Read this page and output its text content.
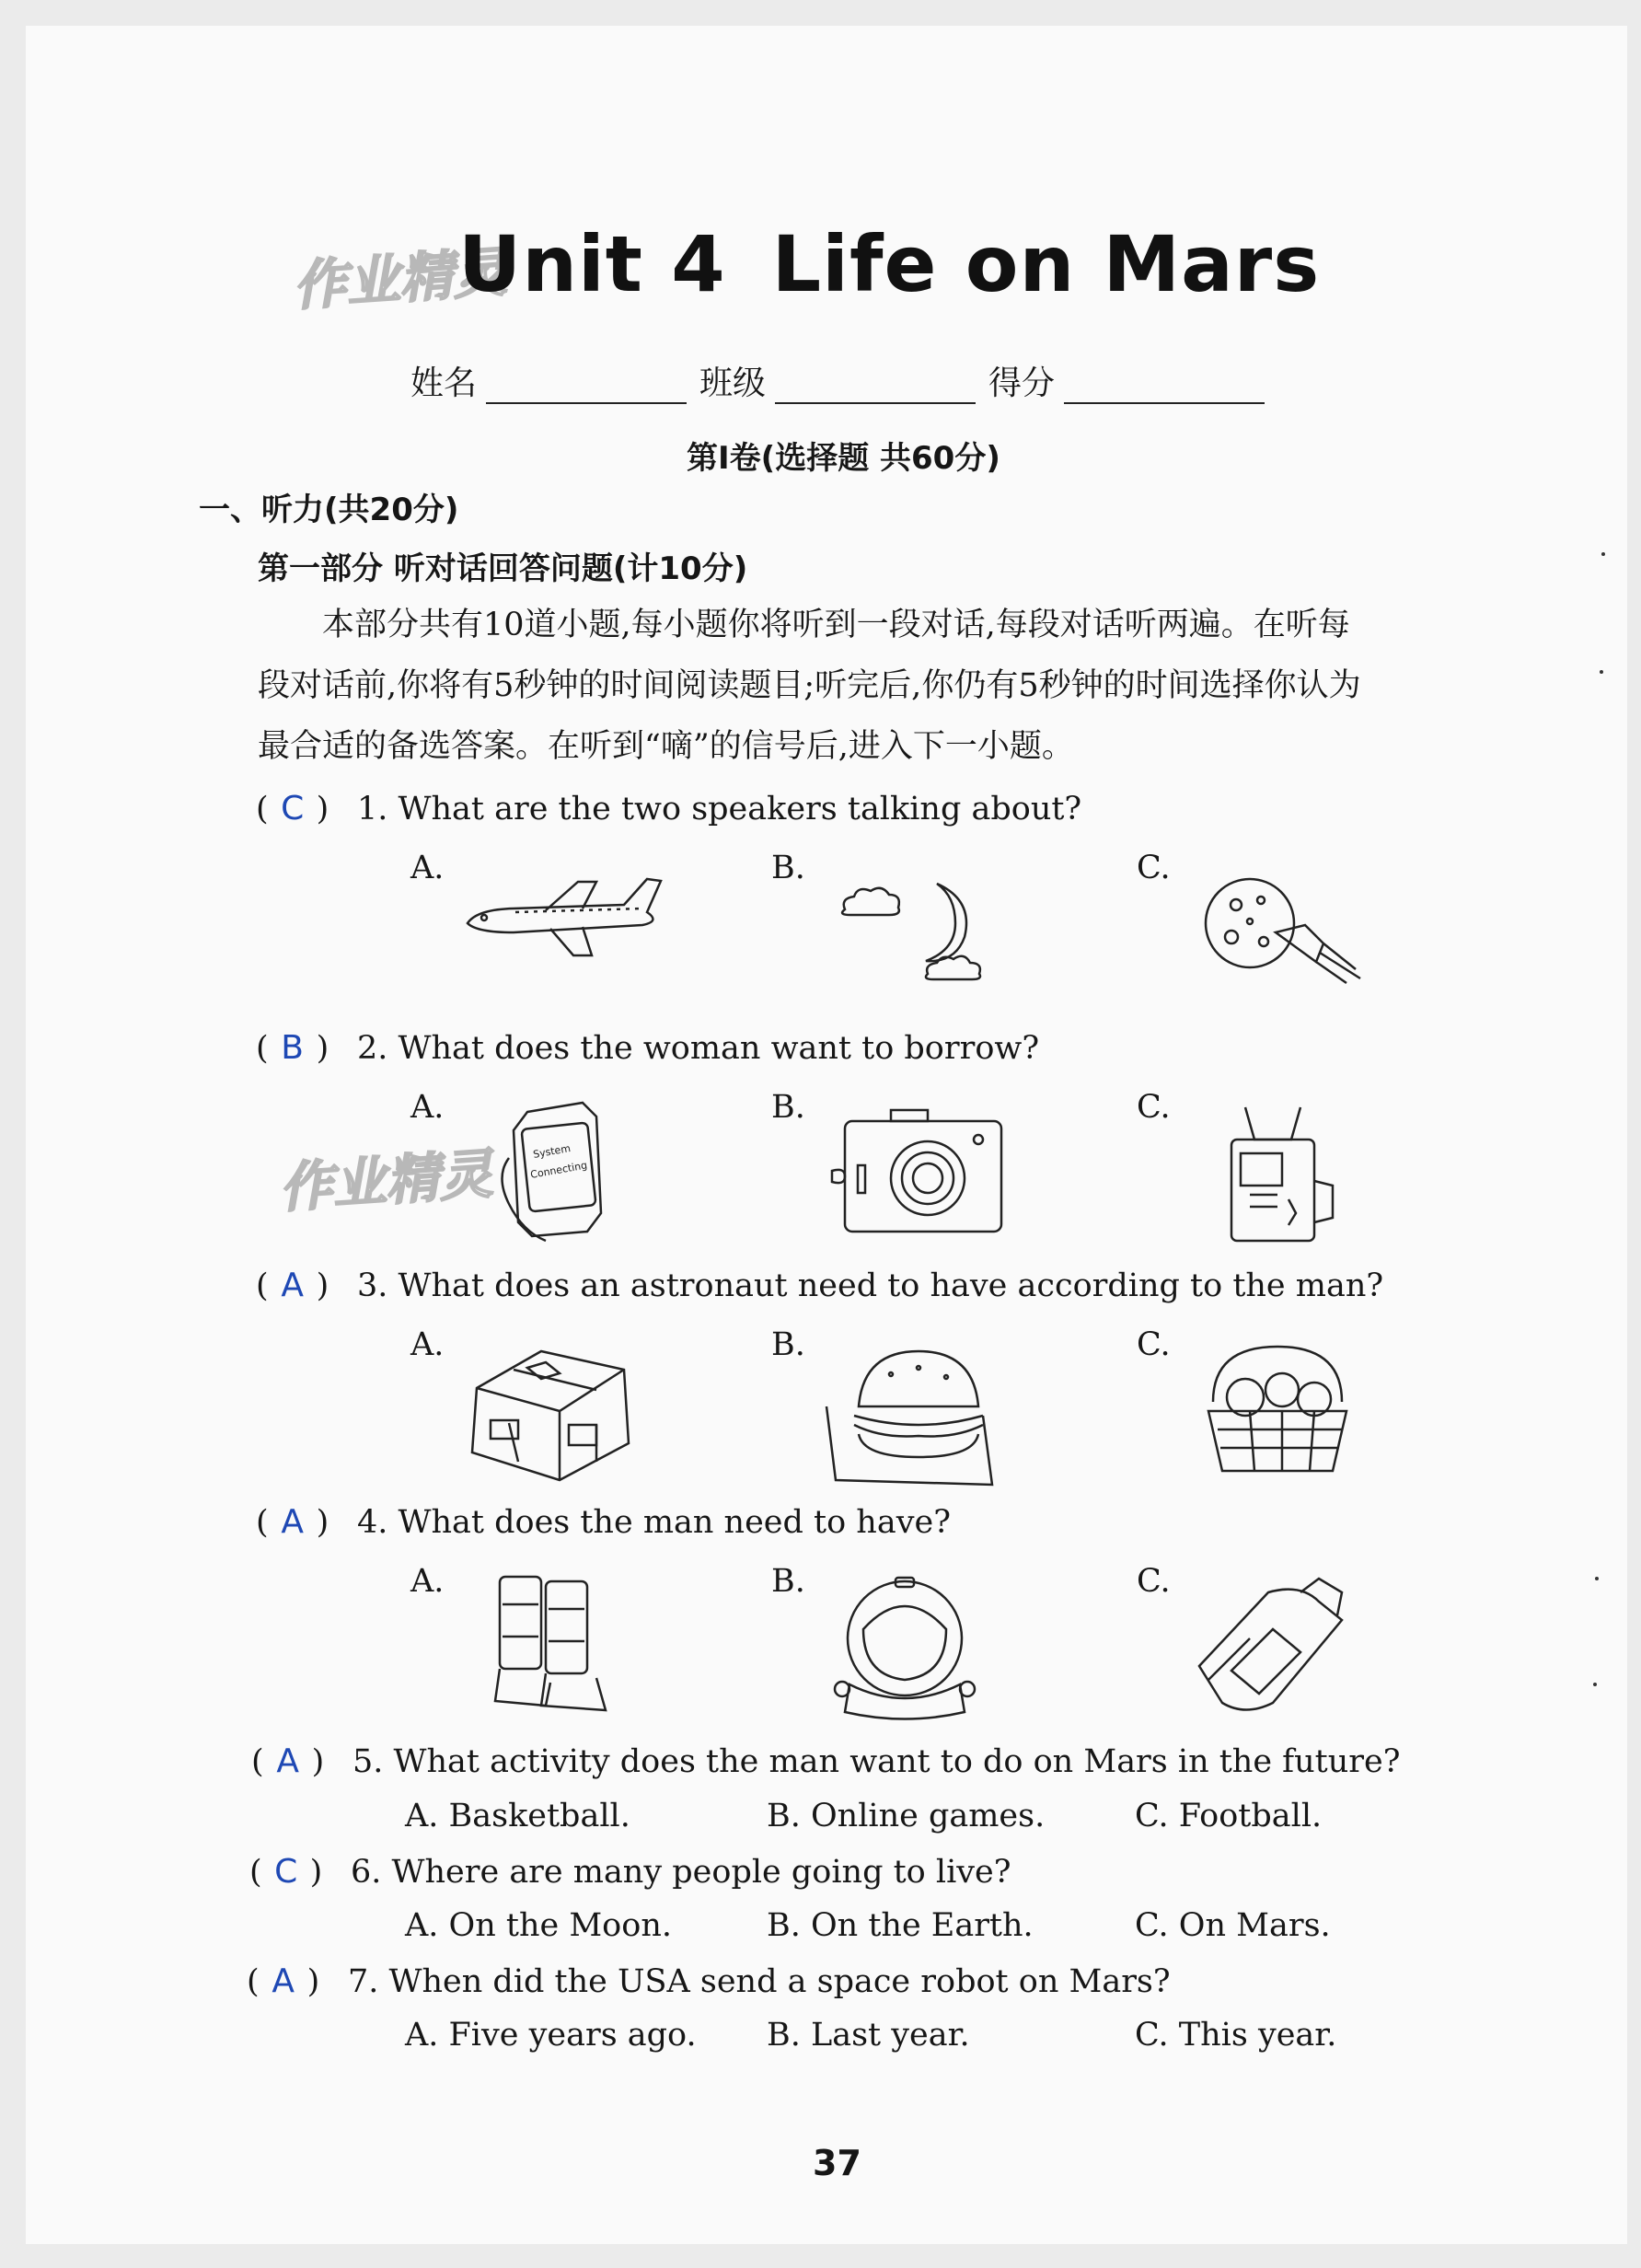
作业精灵
作业精灵
Unit 4 Life on Mars
姓名	班级	得分
第Ⅰ卷(选择题 共60分)
一、听力(共20分)
第一部分 听对话回答问题(计10分)
本部分共有10道小题,每小题你将听到一段对话,每段对话听两遍。在听每
段对话前,你将有5秒钟的时间阅读题目;听完后,你仍有5秒钟的时间选择你认为
最合适的备选答案。在听到“嘀”的信号后,进入下一小题。
( C ) 1. What are the two speakers talking about?
A.	B.	C.
( B ) 2. What does the woman want to borrow?
A.	B.	C.
System
Connecting
( A ) 3. What does an astronaut need to have according to the man?
A.	B.	C.
( A ) 4. What does the man need to have?
A.	B.	C.
( A ) 5. What activity does the man want to do on Mars in the future?
A. Basketball.	B. Online games.	C. Football.
( C ) 6. Where are many people going to live?
A. On the Moon.	B. On the Earth.	C. On Mars.
( A ) 7. When did the USA send a space robot on Mars?
A. Five years ago. B. Last year.	C. This year.
37
